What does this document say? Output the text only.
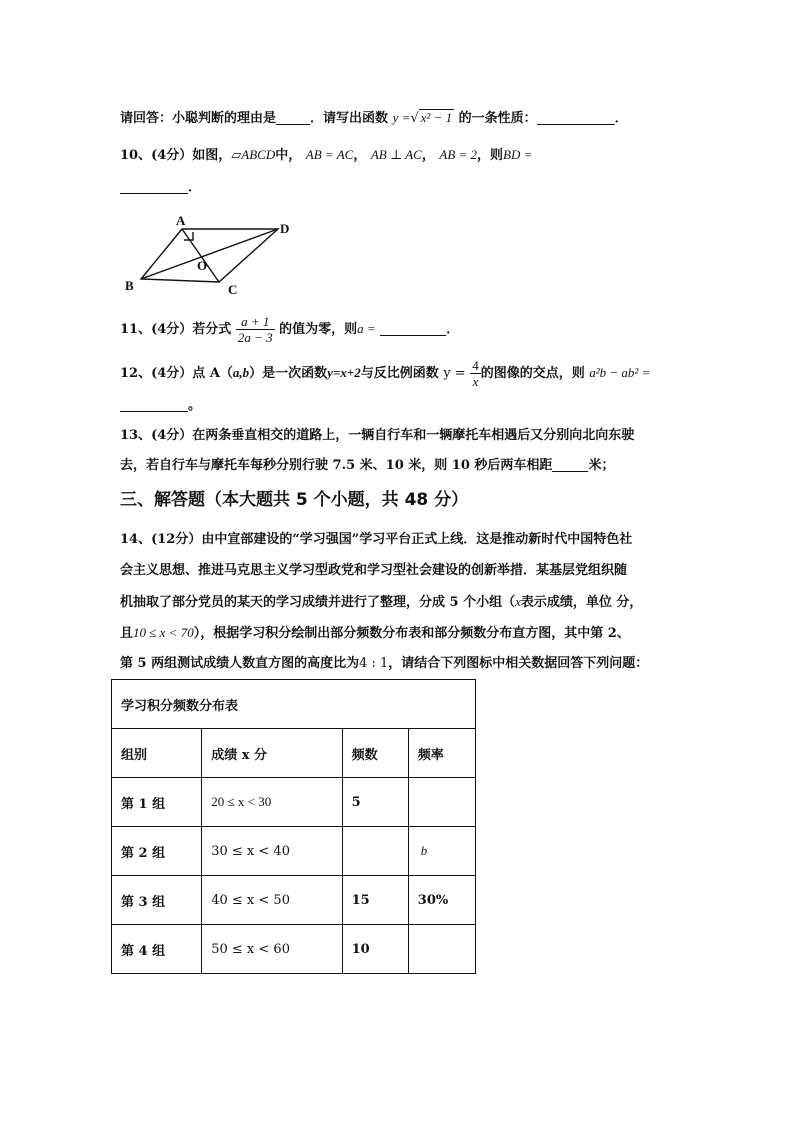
请回答：小聪判断的理由是	．请写出函数 y =√ x² − 1 的一条性质：	．
10、(4分）如图，▱ABCD中， AB = AC， AB ⊥ AC， AB = 2，则BD =
．
A
D
B	C
O
11、(4分）若分式 $\frac{a + 1}{2a - 3}$ 的值为零，则a =	．
12、(4分）点 A（a,b）是一次函数y=x+2与反比例函数 $y = \frac{4}{x}$ 的图像的交点，则 a²b − ab² =
。
13、(4分）在两条垂直相交的道路上，一辆自行车和一辆摩托车相遇后又分别向北向东驶
去，若自行车与摩托车每秒分别行驶 7.5 米、10 米，则 10 秒后两车相距	米；
三、解答题（本大题共 5 个小题，共 48 分）
14、(12分）由中宣部建设的“学习强国”学习平台正式上线．这是推动新时代中国特色社
会主义思想、推进马克思主义学习型政党和学习型社会建设的创新举措．某基层党组织随
机抽取了部分党员的某天的学习成绩并进行了整理，分成 5 个小组（x表示成绩，单位 分，
且10 ≤ x < 70），根据学习积分绘制出部分频数分布表和部分频数分布直方图，其中第 2、
第 5 两组测试成绩人数直方图的高度比为4 : 1，请结合下列图标中相关数据回答下列问题：
学习积分频数分布表			
组别	成绩 x 分	频数	频率
第 1 组	20 ≤ x < 30	5	
第 2 组	30 ≤ x < 40		b
第 3 组	40 ≤ x < 50	15	30%
第 4 组	50 ≤ x < 60	10	
